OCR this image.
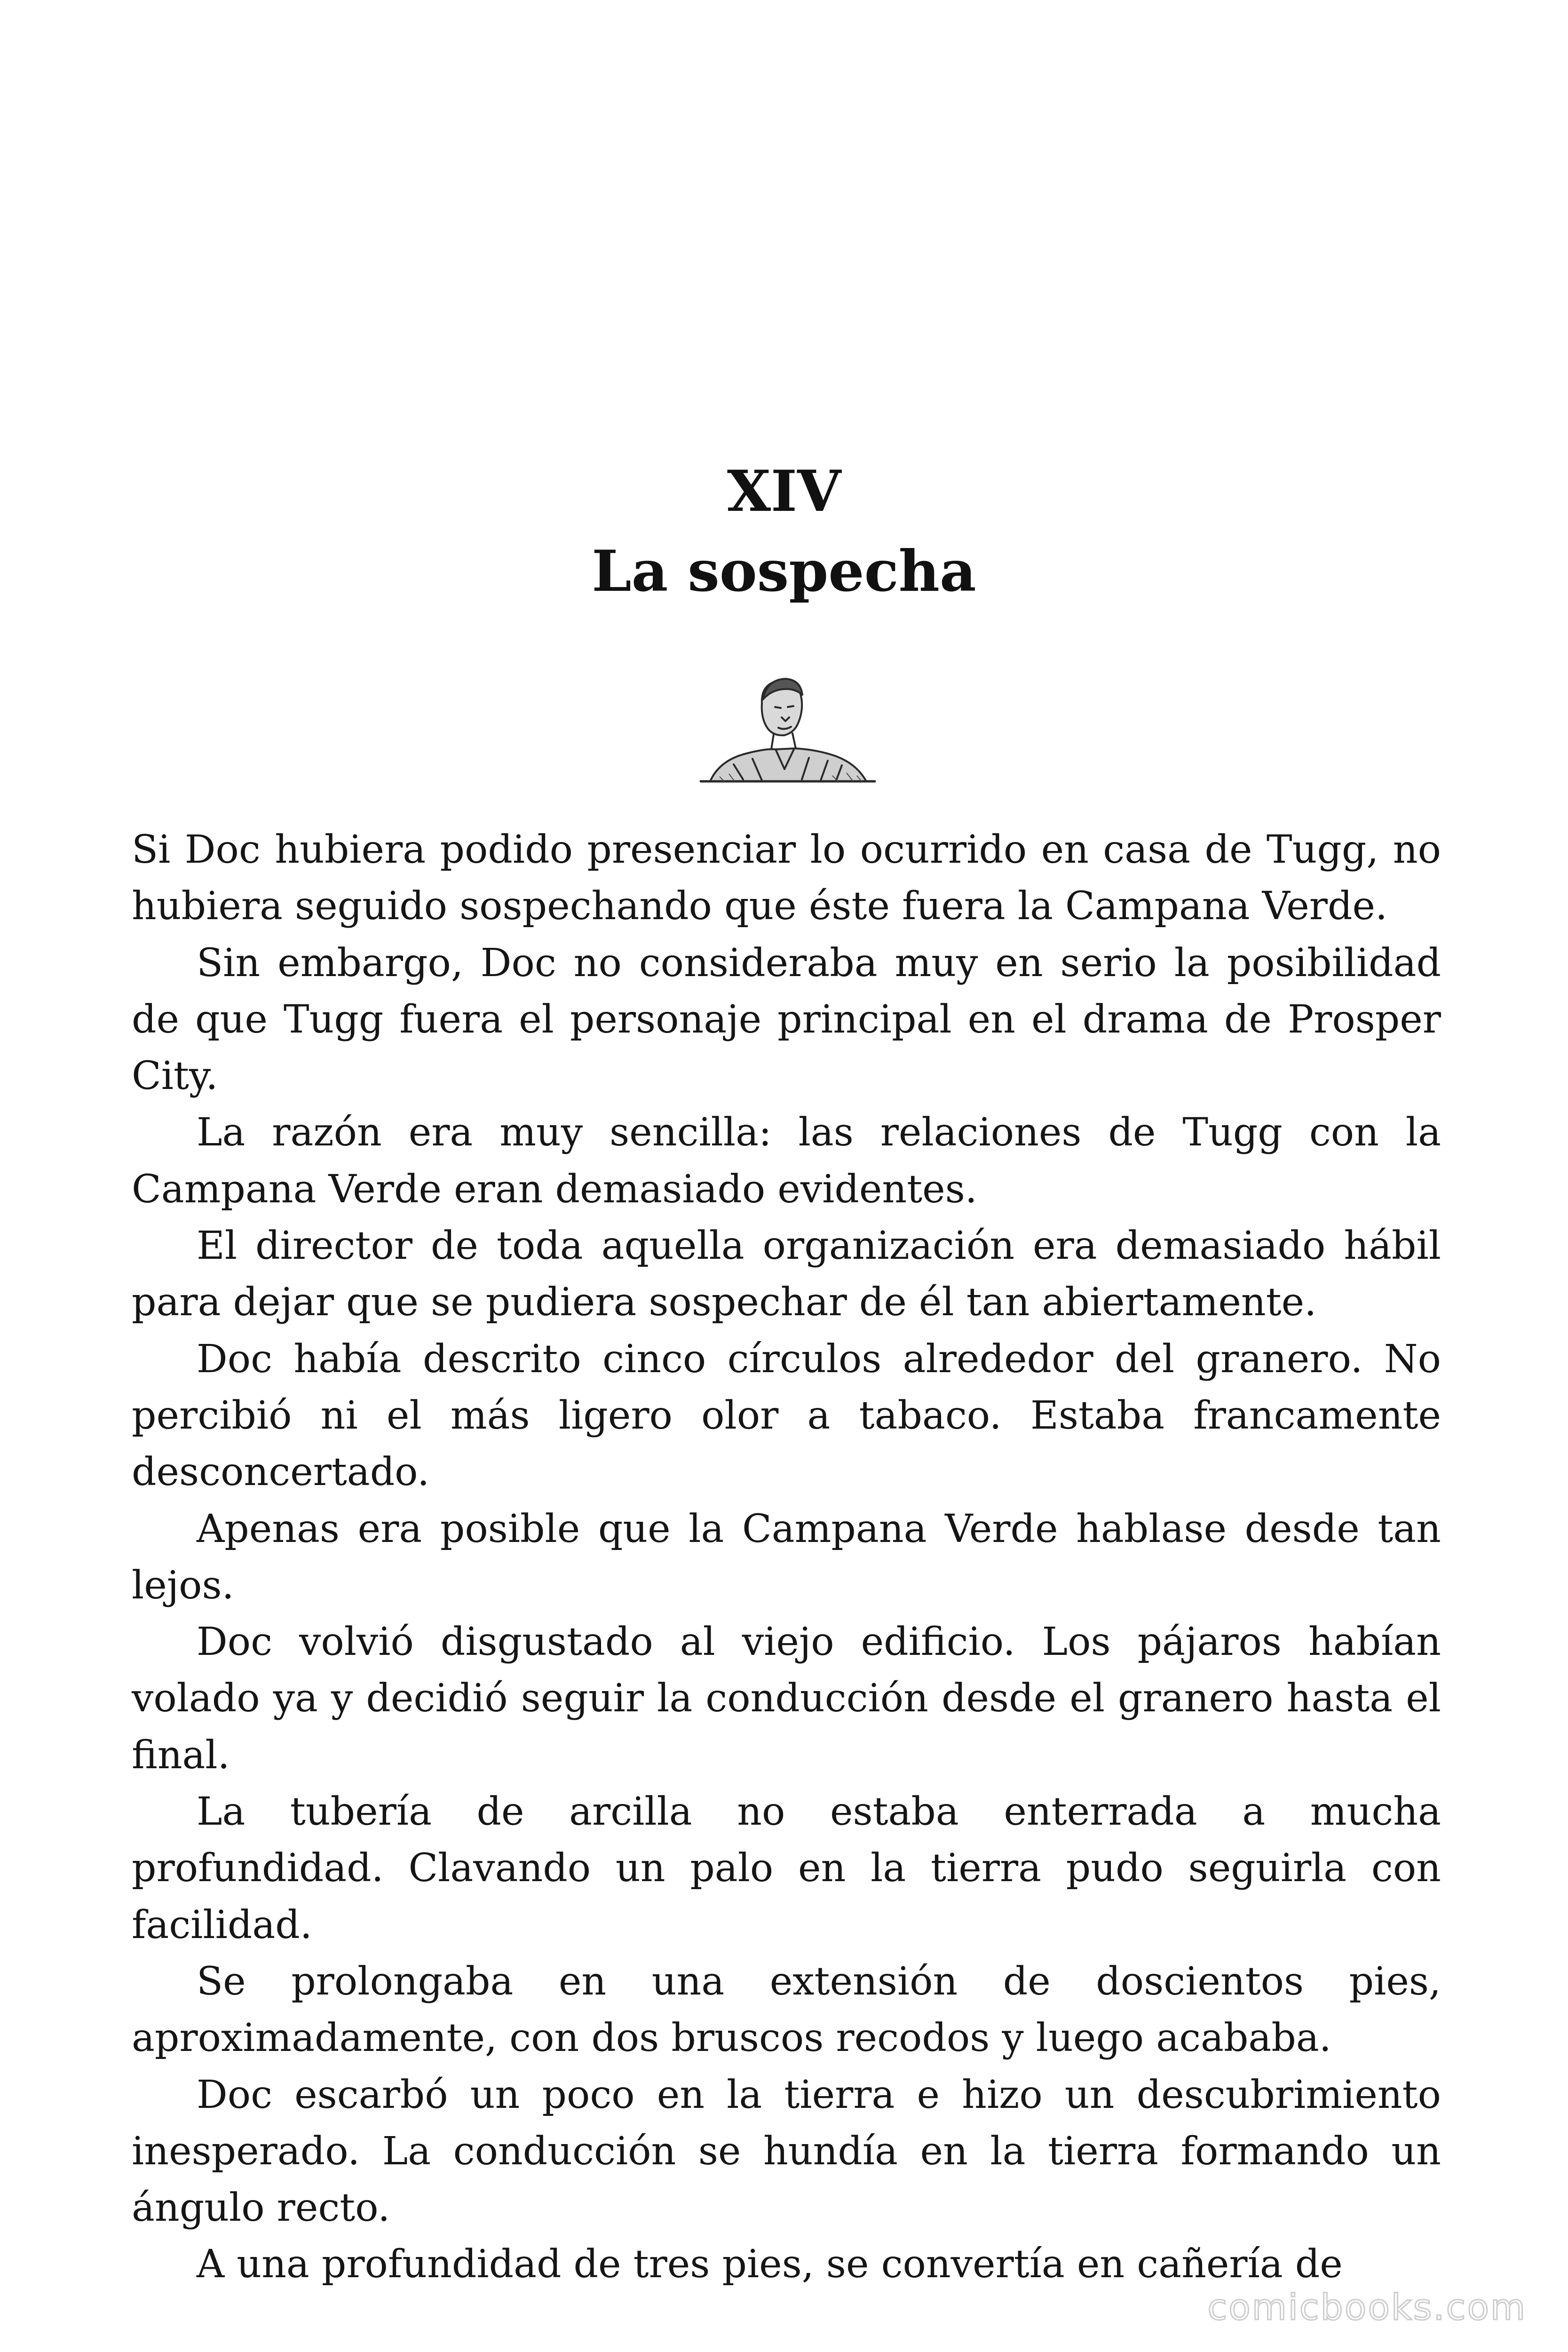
XIV
La sospecha

Si Doc hubiera podido presenciar lo ocurrido en casa de Tugg, no hubiera seguido sospechando que éste fuera la Campana Verde.

Sin embargo, Doc no consideraba muy en serio la posibilidad de que Tugg fuera el personaje principal en el drama de Prosper City.

La razón era muy sencilla: las relaciones de Tugg con la Campana Verde eran demasiado evidentes.

El director de toda aquella organización era demasiado hábil para dejar que se pudiera sospechar de él tan abiertamente.

Doc había descrito cinco círculos alrededor del granero. No percibió ni el más ligero olor a tabaco. Estaba francamente desconcertado.

Apenas era posible que la Campana Verde hablase desde tan lejos.

Doc volvió disgustado al viejo edificio. Los pájaros habían volado ya y decidió seguir la conducción desde el granero hasta el final.

La tubería de arcilla no estaba enterrada a mucha profundidad. Clavando un palo en la tierra pudo seguirla con facilidad.

Se prolongaba en una extensión de doscientos pies, aproximadamente, con dos bruscos recodos y luego acababa.

Doc escarbó un poco en la tierra e hizo un descubrimiento inesperado. La conducción se hundía en la tierra formando un ángulo recto.

A una profundidad de tres pies, se convertía en cañería de

comicbooks.com
